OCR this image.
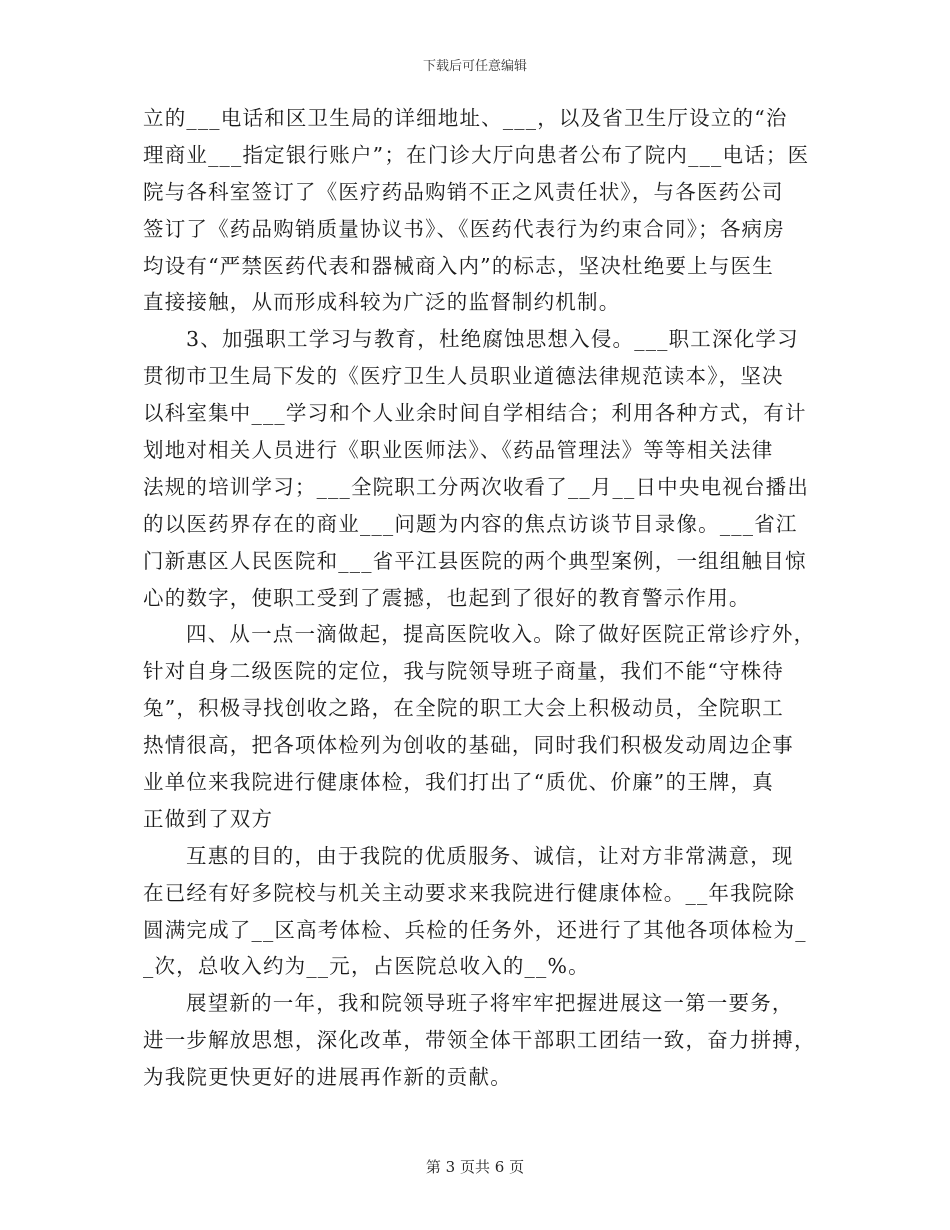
下载后可任意编辑
立的___电话和区卫生局的详细地址、___，以及省卫生厅设立的“治
理商业___指定银行账户”；在门诊大厅向患者公布了院内___电话；医
院与各科室签订了《医疗药品购销不正之风责任状》，与各医药公司
签订了《药品购销质量协议书》、《医药代表行为约束合同》；各病房
均设有“严禁医药代表和器械商入内”的标志，坚决杜绝要上与医生
直接接触，从而形成科较为广泛的监督制约机制。
3、加强职工学习与教育，杜绝腐蚀思想入侵。___职工深化学习
贯彻市卫生局下发的《医疗卫生人员职业道德法律规范读本》，坚决
以科室集中___学习和个人业余时间自学相结合；利用各种方式，有计
划地对相关人员进行《职业医师法》、《药品管理法》等等相关法律
法规的培训学习；___全院职工分两次收看了__月__日中央电视台播出
的以医药界存在的商业___问题为内容的焦点访谈节目录像。___省江
门新惠区人民医院和___省平江县医院的两个典型案例，一组组触目惊
心的数字，使职工受到了震撼，也起到了很好的教育警示作用。
四、从一点一滴做起，提高医院收入。除了做好医院正常诊疗外，
针对自身二级医院的定位，我与院领导班子商量，我们不能“守株待
兔”，积极寻找创收之路，在全院的职工大会上积极动员，全院职工
热情很高，把各项体检列为创收的基础，同时我们积极发动周边企事
业单位来我院进行健康体检，我们打出了“质优、价廉”的王牌，真
正做到了双方
互惠的目的，由于我院的优质服务、诚信，让对方非常满意，现
在已经有好多院校与机关主动要求来我院进行健康体检。__年我院除
圆满完成了__区高考体检、兵检的任务外，还进行了其他各项体检为_
_次，总收入约为__元，占医院总收入的__%。
展望新的一年，我和院领导班子将牢牢把握进展这一第一要务，
进一步解放思想，深化改革，带领全体干部职工团结一致，奋力拼搏，
为我院更快更好的进展再作新的贡献。
第 3 页共 6 页
